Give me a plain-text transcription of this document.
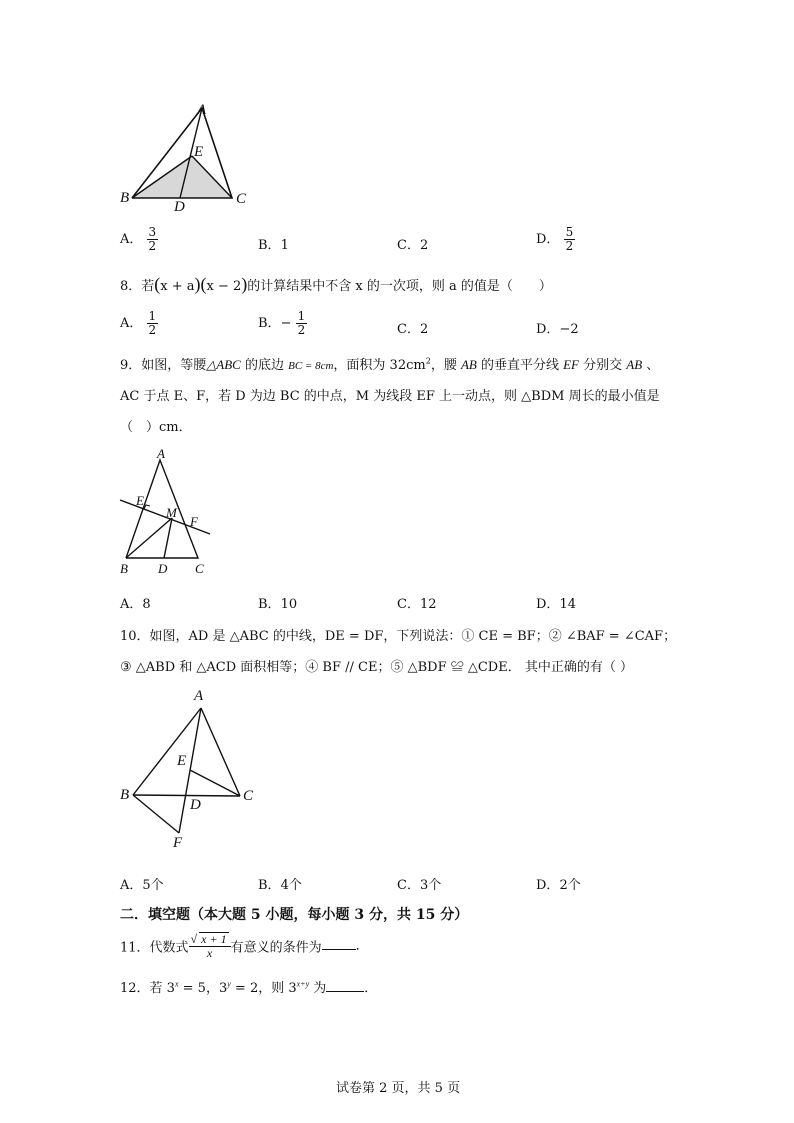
A
E
B
D	C
A． $\frac{3}{2}$	B．1	C．2	D． $\frac{5}{2}$
8．若(x + a)(x − 2)的计算结果中不含 x 的一次项，则 a 的值是（　　）
A． $\frac{1}{2}$	B．− $\frac{1}{2}$	C．2	D．−2
9．如图，等腰△ABC 的底边 BC = 8cm，面积为 $32cm^2$，腰 AB 的垂直平分线 EF 分别交 AB 、
AC 于点 E、F，若 D 为边 BC 的中点，M 为线段 EF 上一动点，则 △BDM 周长的最小值是
（　）cm．
A
E
M
F
B D C
A．8	B．10	C．12	D．14
10．如图，AD 是 △ABC 的中线，DE = DF，下列说法：① CE = BF；② ∠BAF = ∠CAF；
③ △ABD 和 △ACD 面积相等；④ BF // CE；⑤ △BDF ≌ △CDE． 其中正确的有（ ）
A
E
B
D
C
F
A．5个	B．4个	C．3个	D．2个
二．填空题（本大题 5 小题，每小题 3 分，共 15 分）
11．代数式 $\frac{√ x + 1}{x}$ 有意义的条件为	．
12．若 $3^x = 5$，$3^y = 2$，则 $3^{x+y}$ 为	．
试卷第 2 页，共 5 页
